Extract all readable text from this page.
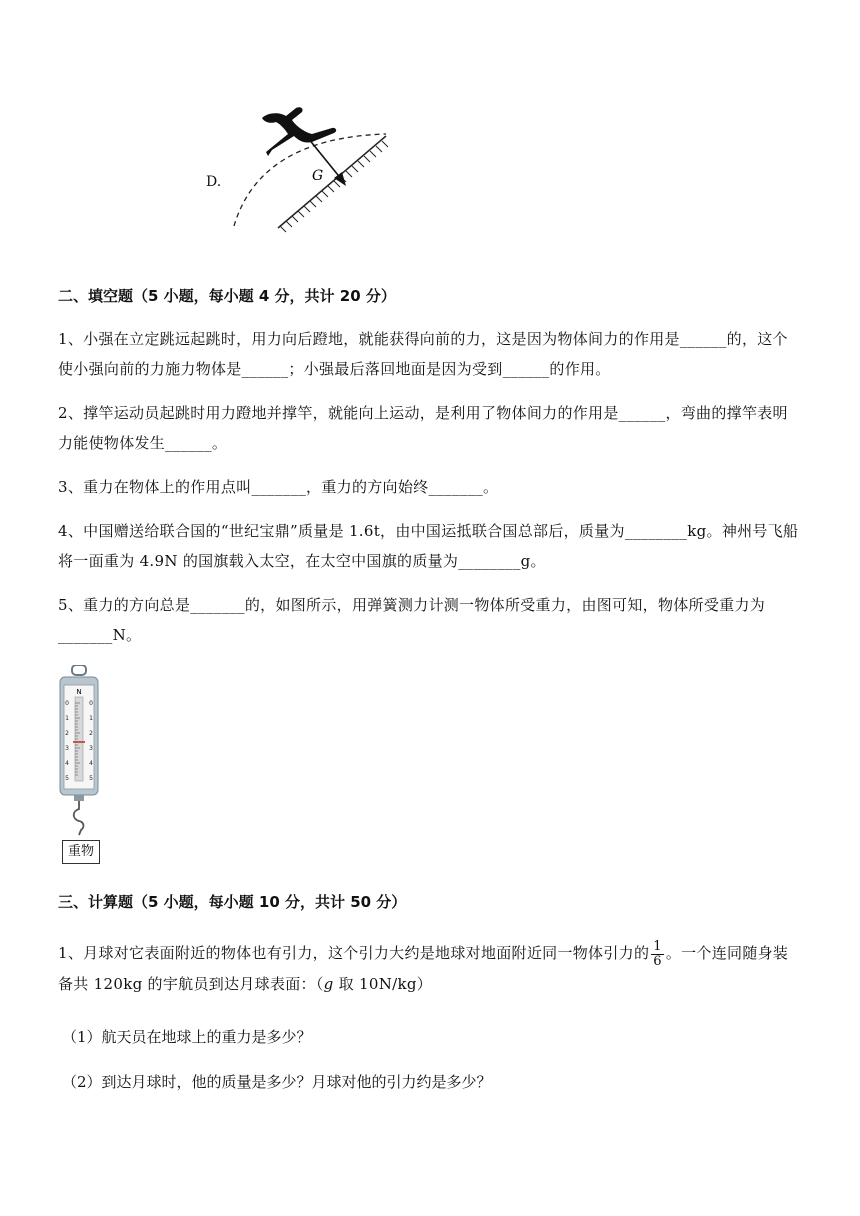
D.	G
二、填空题（5 小题，每小题 4 分，共计 20 分）
1、小强在立定跳远起跳时，用力向后蹬地，就能获得向前的力，这是因为物体间力的作用是______的，这个使小强向前的力施力物体是______；小强最后落回地面是因为受到______的作用。
2、撑竿运动员起跳时用力蹬地并撑竿，就能向上运动，是利用了物体间力的作用是______，弯曲的撑竿表明力能使物体发生______。
3、重力在物体上的作用点叫_______，重力的方向始终_______。
4、中国赠送给联合国的“世纪宝鼎”质量是 1.6t，由中国运抵联合国总部后，质量为________kg。神州号飞船将一面重为 4.9N 的国旗载入太空，在太空中国旗的质量为________g。
5、重力的方向总是_______的，如图所示，用弹簧测力计测一物体所受重力，由图可知，物体所受重力为_______N。
N
0	0
1	1
2	2
3	3
4	4
5	5
重物
三、计算题（5 小题，每小题 10 分，共计 50 分）
1、月球对它表面附近的物体也有引力，这个引力大约是地球对地面附近同一物体引力的 $\frac{1}{6}$ 。一个连同随身装备共 120kg 的宇航员到达月球表面：（g 取 10N/kg）
（1）航天员在地球上的重力是多少？
（2）到达月球时，他的质量是多少？月球对他的引力约是多少？
